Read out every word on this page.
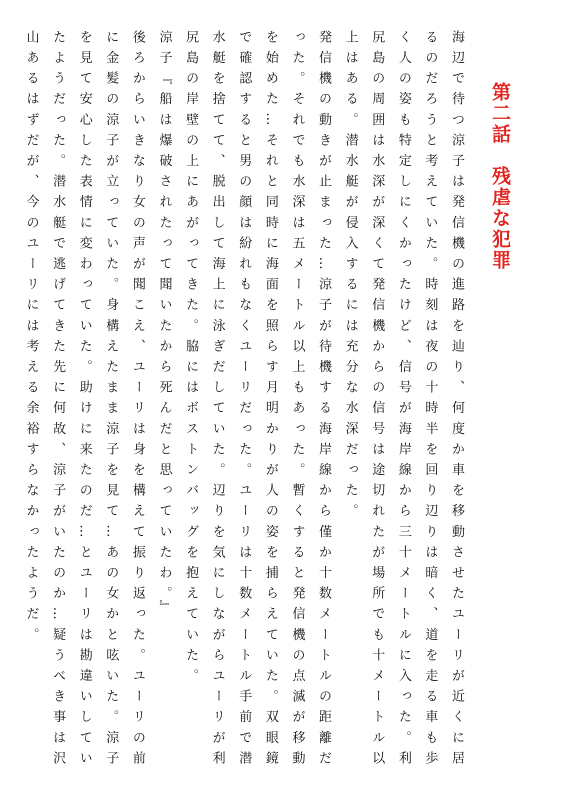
第二話　残虐な犯罪

海辺で待つ涼子は発信機の進路を辿り、何度か車を移動させたユーリが近くに居るのだろうと考えていた。時刻は夜の十時半を回り辺りは暗く、道を走る車も歩く人の姿も特定しにくかったけど、信号が海岸線から三十メートルに入った。利尻島の周囲は水深が深くて発信機からの信号は途切れたが場所でも十メートル以上はある。潜水艇が侵入するには充分な水深だった。

発信機の動きが止まった…涼子が待機する海岸線から僅か十数メートルの距離だった。それでも水深は五メートル以上もあった。暫くすると発信機の点滅が移動を始めた…それと同時に海面を照らす月明かりが人の姿を捕らえていた。双眼鏡で確認すると男の顔は紛れもなくユーリだった。ユーリは十数メートル手前で潜水艇を捨てて、脱出して海上に泳ぎだしていた。辺りを気にしながらユーリが利尻島の岸壁の上にあがってきた。脇にはボストンバッグを抱えていた。

涼子『船は爆破されたって聞いたから死んだと思っていたわ。』

後ろからいきなり女の声が聞こえ、ユーリは身を構えて振り返った。ユーリの前に金髪の涼子が立っていた。身構えたまま涼子を見て…あの女かと呟いた。涼子を見て安心した表情に変わっていた。助けに来たのだ…とユーリは勘違いしていたようだった。潜水艇で逃げてきた先に何故、涼子がいたのか…疑うべき事は沢山あるはずだが、今のユーリには考える余裕すらなかったようだ。
